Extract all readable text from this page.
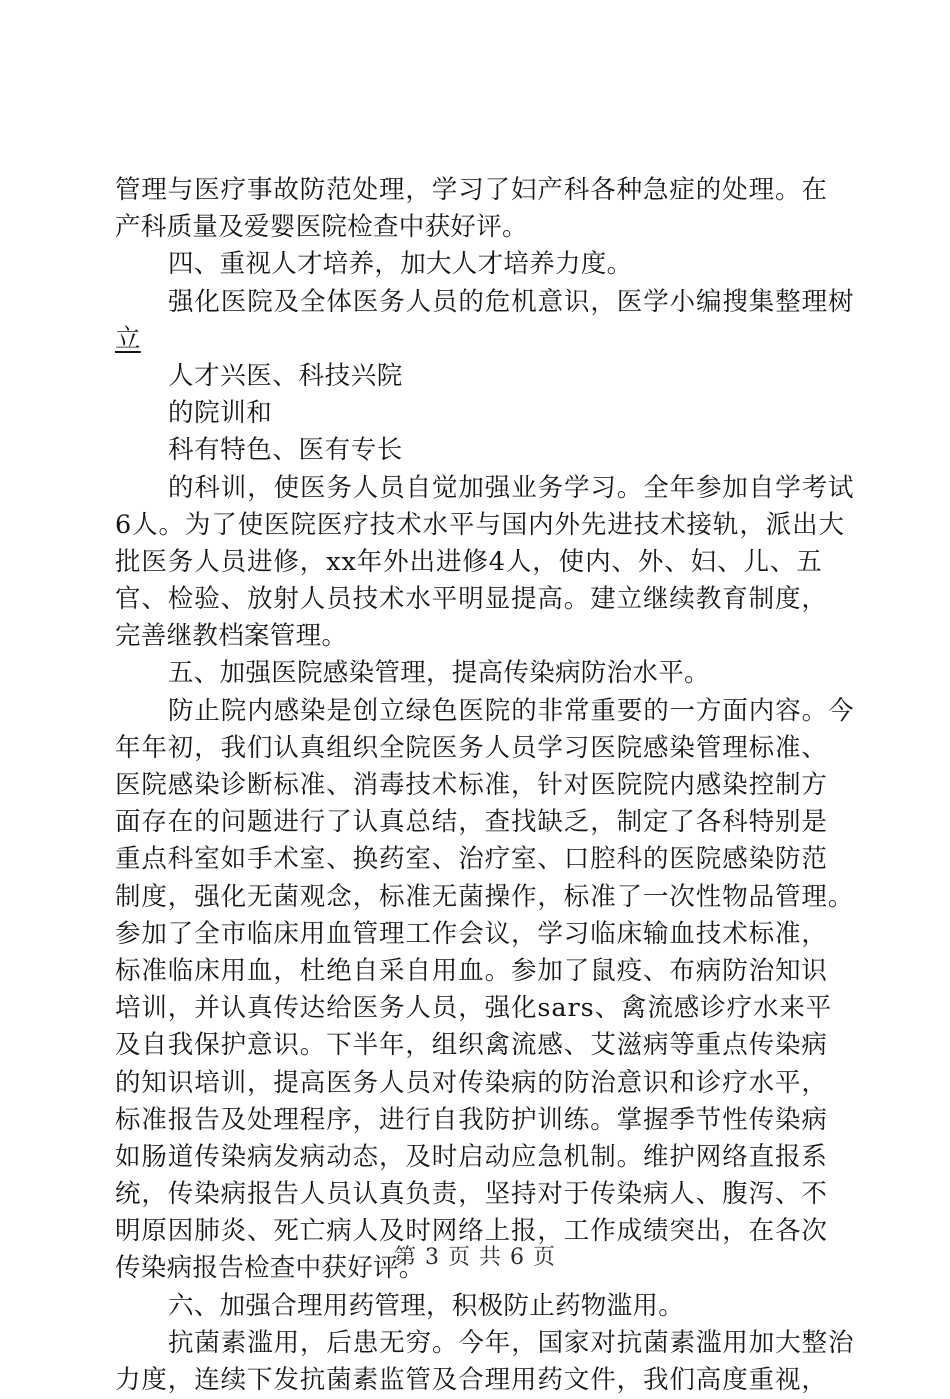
管理与医疗事故防范处理，学习了妇产科各种急症的处理。在
产科质量及爱婴医院检查中获好评。
四、重视人才培养，加大人才培养力度。
强化医院及全体医务人员的危机意识，医学小编搜集整理树
立
人才兴医、科技兴院
的院训和
科有特色、医有专长
的科训，使医务人员自觉加强业务学习。全年参加自学考试
6人。为了使医院医疗技术水平与国内外先进技术接轨，派出大
批医务人员进修，xx年外出进修4人，使内、外、妇、儿、五
官、检验、放射人员技术水平明显提高。建立继续教育制度，
完善继教档案管理。
五、加强医院感染管理，提高传染病防治水平。
防止院内感染是创立绿色医院的非常重要的一方面内容。今
年年初，我们认真组织全院医务人员学习医院感染管理标准、
医院感染诊断标准、消毒技术标准，针对医院院内感染控制方
面存在的问题进行了认真总结，查找缺乏，制定了各科特别是
重点科室如手术室、换药室、治疗室、口腔科的医院感染防范
制度，强化无菌观念，标准无菌操作，标准了一次性物品管理。
参加了全市临床用血管理工作会议，学习临床输血技术标准，
标准临床用血，杜绝自采自用血。参加了鼠疫、布病防治知识
培训，并认真传达给医务人员，强化sars、禽流感诊疗水来平
及自我保护意识。下半年，组织禽流感、艾滋病等重点传染病
的知识培训，提高医务人员对传染病的防治意识和诊疗水平，
标准报告及处理程序，进行自我防护训练。掌握季节性传染病
如肠道传染病发病动态，及时启动应急机制。维护网络直报系
统，传染病报告人员认真负责，坚持对于传染病人、腹泻、不
明原因肺炎、死亡病人及时网络上报，工作成绩突出，在各次
传染病报告检查中获好评。
六、加强合理用药管理，积极防止药物滥用。
抗菌素滥用，后患无穷。今年，国家对抗菌素滥用加大整治
力度，连续下发抗菌素监管及合理用药文件，我们高度重视，
第 3 页 共 6 页
